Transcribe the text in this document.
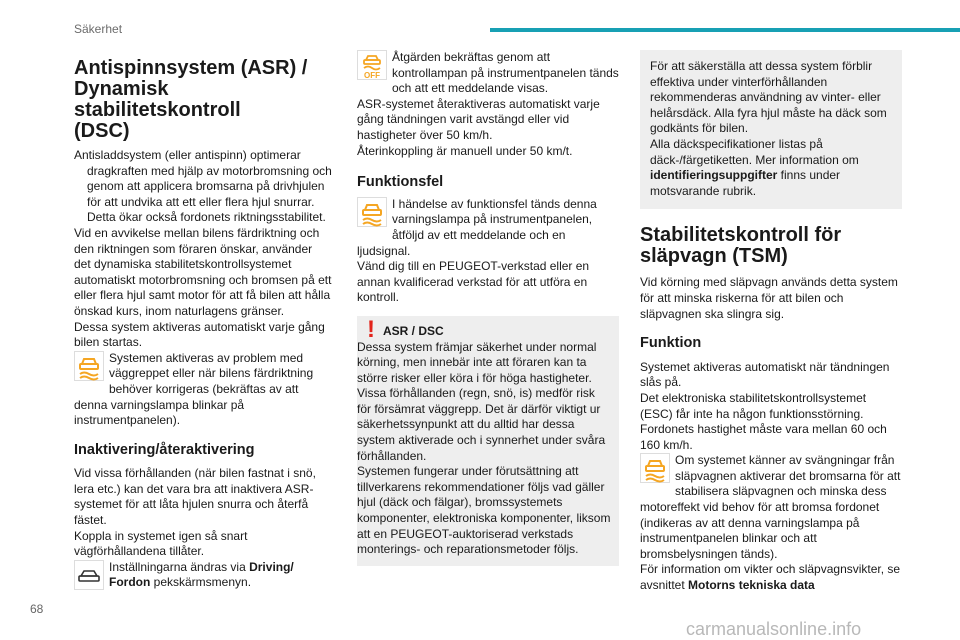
Säkerhet
Antispinnsystem (ASR) /
Dynamisk stabilitetskontroll
(DSC)

Antisladdsystem (eller antispinn) optimerar dragkraften med hjälp av motorbromsning och genom att applicera bromsarna på drivhjulen för att undvika att ett eller flera hjul snurrar. Detta ökar också fordonets riktningsstabilitet.

Vid en avvikelse mellan bilens färdriktning och den riktningen som föraren önskar, använder det dynamiska stabilitetskontrollsystemet automatiskt motorbromsning och bromsen på ett eller flera hjul samt motor för att få bilen att hålla önskad kurs, inom naturlagens gränser.

Dessa system aktiveras automatiskt varje gång bilen startas.

Systemen aktiveras av problem med väggreppet eller när bilens färdriktning behöver korrigeras (bekräftas av att denna varningslampa blinkar på instrumentpanelen).

Inaktivering/återaktivering

Vid vissa förhållanden (när bilen fastnat i snö, lera etc.) kan det vara bra att inaktivera ASR-systemet för att låta hjulen snurra och återfå fästet.

Koppla in systemet igen så snart vägförhållandena tillåter.

Inställningarna ändras via Driving/
Fordon pekskärmsmenyn.

OFF

Åtgärden bekräftas genom att kontrollampan på instrumentpanelen tänds och att ett meddelande visas.

ASR-systemet återaktiveras automatiskt varje gång tändningen varit avstängd eller vid hastigheter över 50 km/h.

Återinkoppling är manuell under 50 km/t.

Funktionsfel

I händelse av funktionsfel tänds denna varningslampa på instrumentpanelen, åtföljd av ett meddelande och en ljudsignal.

Vänd dig till en PEUGEOT-verkstad eller en annan kvalificerad verkstad för att utföra en kontroll.

! ASR / DSC

Dessa system främjar säkerhet under normal körning, men innebär inte att föraren kan ta större risker eller köra i för höga hastigheter.

Vissa förhållanden (regn, snö, is) medför risk för försämrat väggrepp. Det är därför viktigt ur säkerhetssynpunkt att du alltid har dessa system aktiverade och i synnerhet under svåra förhållanden.

Systemen fungerar under förutsättning att tillverkarens rekommendationer följs vad gäller hjul (däck och fälgar), bromssystemets komponenter, elektroniska komponenter, liksom att en PEUGEOT-auktoriserad verkstads monterings- och reparationsmetoder följs.

För att säkerställa att dessa system förblir effektiva under vinterförhållanden rekommenderas användning av vinter- eller helårsdäck. Alla fyra hjul måste ha däck som godkänts för bilen.

Alla däckspecifikationer listas på däck-/färgetiketten. Mer information om identifieringsuppgifter finns under motsvarande rubrik.

Stabilitetskontroll för
släpvagn (TSM)

Vid körning med släpvagn används detta system för att minska riskerna för att bilen och släpvagnen ska slingra sig.

Funktion

Systemet aktiveras automatiskt när tändningen slås på.

Det elektroniska stabilitetskontrollsystemet (ESC) får inte ha någon funktionsstörning.

Fordonets hastighet måste vara mellan 60 och 160 km/h.

Om systemet känner av svängningar från släpvagnen aktiverar det bromsarna för att stabilisera släpvagnen och minska dess motoreffekt vid behov för att bromsa fordonet (indikeras av att denna varningslampa på instrumentpanelen blinkar och att bromsbelysningen tänds).

För information om vikter och släpvagnsvikter, se avsnittet Motorns tekniska data

68
carmanualsonline.info
